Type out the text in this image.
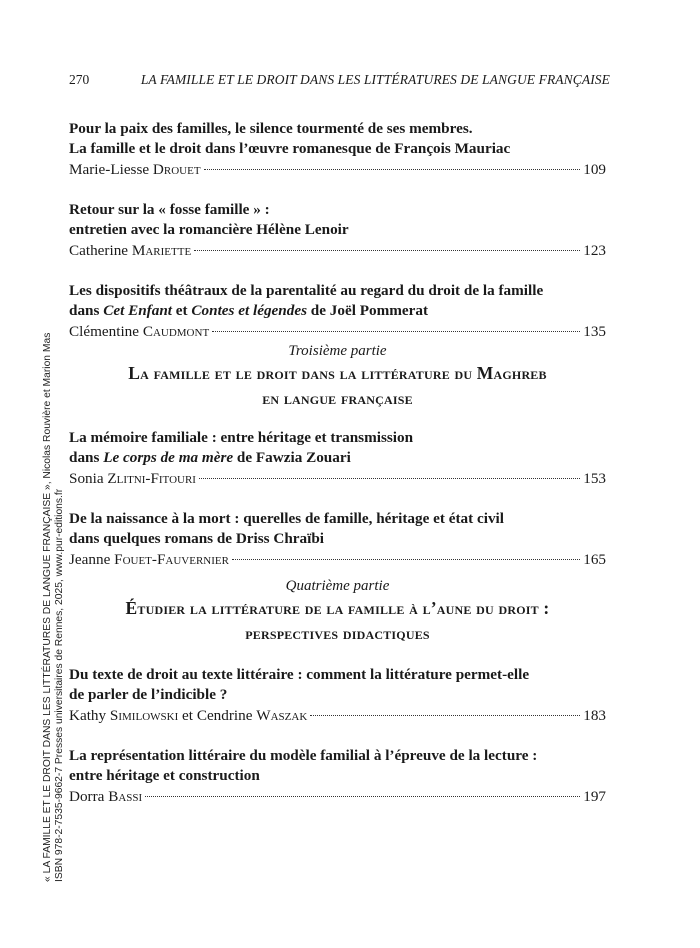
270	LA FAMILLE ET LE DROIT DANS LES LITTÉRATURES DE LANGUE FRANÇAISE
Pour la paix des familles, le silence tourmenté de ses membres.
La famille et le droit dans l’œuvre romanesque de François Mauriac
Marie-Liesse Drouet	109
Retour sur la « fosse famille » :
entretien avec la romancière Hélène Lenoir
Catherine Mariette	123
Les dispositifs théâtraux de la parentalité au regard du droit de la famille
dans Cet Enfant et Contes et légendes de Joël Pommerat
Clémentine Caudmont	135
Troisième partie
La famille et le droit dans la littérature du Maghreb
en langue française
La mémoire familiale : entre héritage et transmission
dans Le corps de ma mère de Fawzia Zouari
Sonia Zlitni-Fitouri	153
De la naissance à la mort : querelles de famille, héritage et état civil
dans quelques romans de Driss Chraïbi
Jeanne Fouet-Fauvernier	165
Quatrième partie
Étudier la littérature de la famille à l’aune du droit :
perspectives didactiques
Du texte de droit au texte littéraire : comment la littérature permet-elle
de parler de l’indicible ?
Kathy Similowski et Cendrine Waszak	183
La représentation littéraire du modèle familial à l’épreuve de la lecture :
entre héritage et construction
Dorra Bassi	197
« LA FAMILLE ET LE DROIT DANS LES LITTÉRATURES DE LANGUE FRANÇAISE », Nicolas Rouvière et Marion Mas ISBN 978-2-7535-9662-7 Presses universitaires de Rennes, 2025, www.pur-editions.fr
